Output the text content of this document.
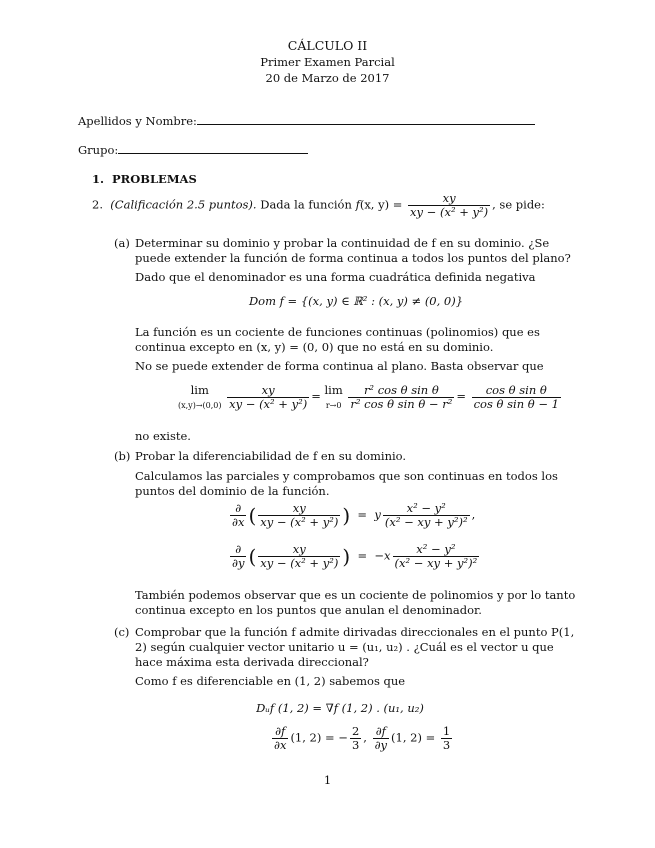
CÁLCULO II
Primer Examen Parcial
20 de Marzo de 2017
Apellidos y Nombre:
Grupo:
1. PROBLEMAS
2. (Calificación 2.5 puntos). Dada la función f(x, $y) = \frac{xy}{\text{xy − (x² + y²)}}$ , se pide:
(a) Determinar su dominio y probar la continuidad de f en su dominio. ¿Se puede extender la función de forma continua a todos los puntos del plano?
Dado que el denominador es una forma cuadrática definida negativa
Dom f = {(x, y) ∈ ℝ² : (x, y) ≠ (0, 0)}
La función es un cociente de funciones continuas (polinomios) que es continua excepto en (x, y) = (0, 0) que no está en su dominio.
No se puede extender de forma continua al plano. Basta observar que
lim
$(x,y)\to(0,0) \frac{xy}{\text{xy − (x² + y²)}} = \lim$
$r\to 0 \frac{\text{r² cos θ sin θ}}{\text{r² cos θ sin θ − r²}} = \frac{\text{cos θ sin θ}}{\text{cos θ sin θ − 1}}$
no existe.
(b) Probar la diferenciabilidad de f en su dominio.
Calculamos las parciales y comprobamos que son continuas en todos los puntos del dominio de la función.
$\frac{\partial}{\partial x}$ ( $\frac{xy}{\text{xy − (x² + y²)}}$ )  =  y $\frac{\text{x² − y²}}{\text{(x² − xy + y²)²}}$ ,
$\frac{\partial}{\partial y}$ ( $\frac{xy}{\text{xy − (x² + y²)}}$ )  =  $-x \frac{\text{x² − y²}}{\text{(x² − xy + y²)²}}$
También podemos observar que es un cociente de polinomios y por lo tanto continua excepto en los puntos que anulan el denominador.
(c) Comprobar que la función f admite dirivadas direccionales en el punto P(1, 2) según cualquier vector unitario u = (u₁, u₂) . ¿Cuál es el vector u que hace máxima esta derivada direccional?
Como f es diferenciable en (1, 2) sabemos que
Dᵤf (1, 2) = ∇f (1, 2) . (u₁, u₂)
$\frac{\partial f}{\partial x} (1$, 2) = − $\frac{2}{3}$ , $\frac{\partial f}{\partial y} (1$, $2) = \frac{1}{3}$
1
